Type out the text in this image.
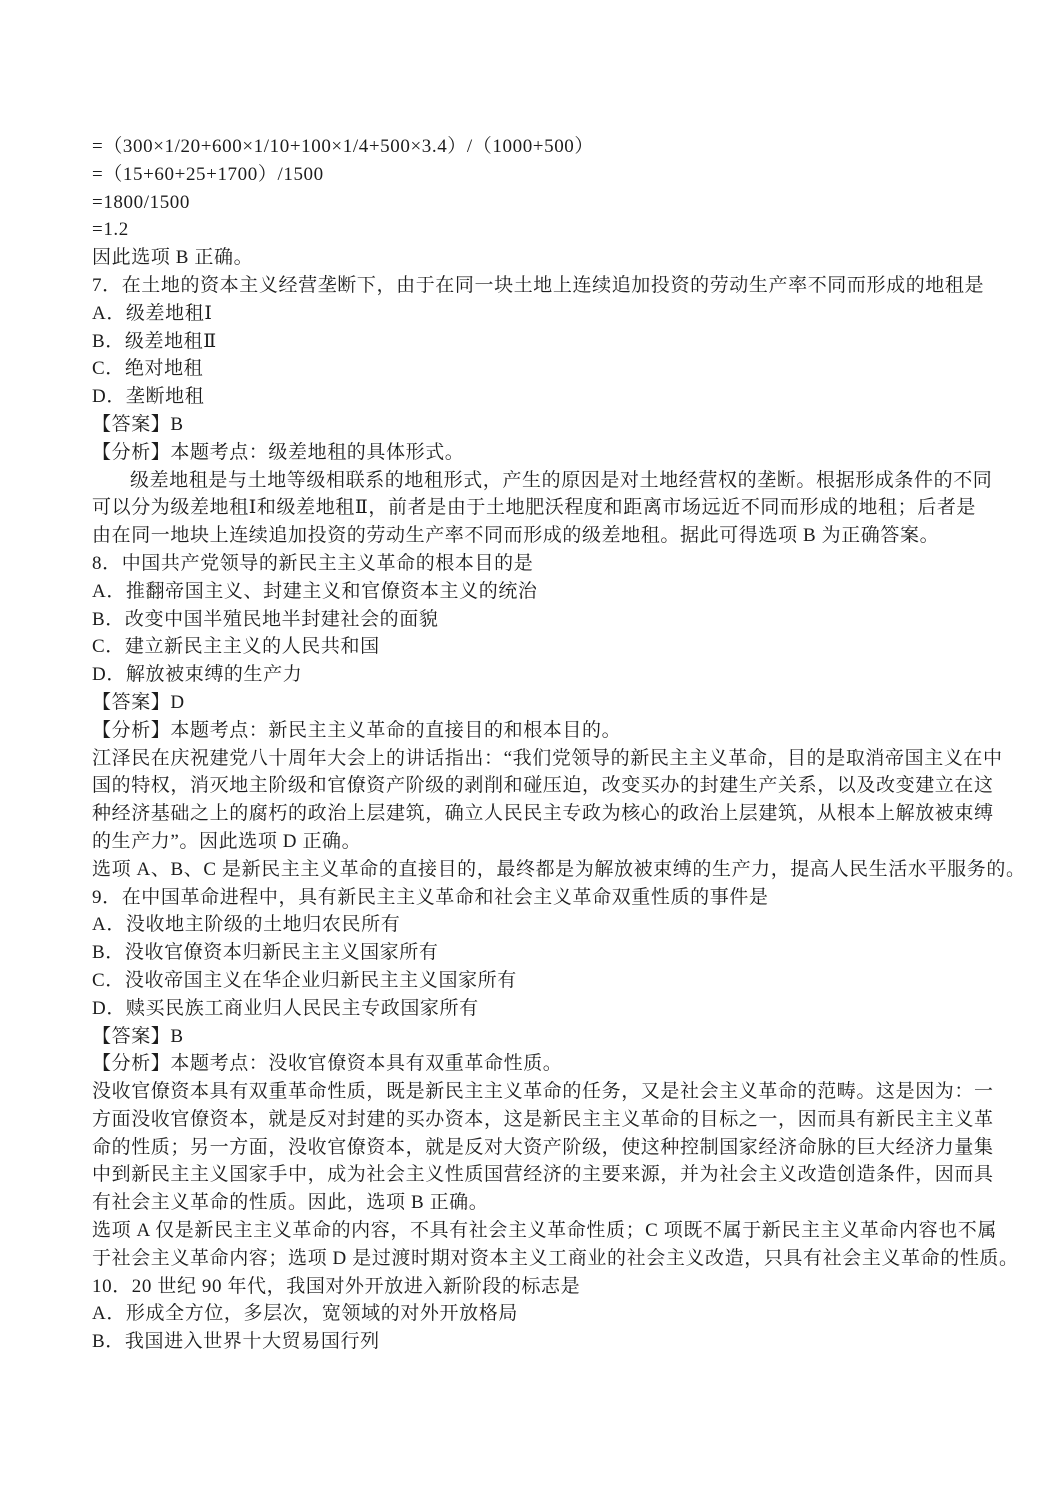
=（300×1/20+600×1/10+100×1/4+500×3.4）/（1000+500）
=（15+60+25+1700）/1500
=1800/1500
=1.2
因此选项 B 正确。
7．在土地的资本主义经营垄断下，由于在同一块土地上连续追加投资的劳动生产率不同而形成的地租是
A．级差地租Ⅰ
B．级差地租Ⅱ
C．绝对地租
D．垄断地租
【答案】B
【分析】本题考点：级差地租的具体形式。
级差地租是与土地等级相联系的地租形式，产生的原因是对土地经营权的垄断。根据形成条件的不同
可以分为级差地租Ⅰ和级差地租Ⅱ，前者是由于土地肥沃程度和距离市场远近不同而形成的地租；后者是
由在同一地块上连续追加投资的劳动生产率不同而形成的级差地租。据此可得选项 B 为正确答案。
8．中国共产党领导的新民主主义革命的根本目的是
A．推翻帝国主义、封建主义和官僚资本主义的统治
B．改变中国半殖民地半封建社会的面貌
C．建立新民主主义的人民共和国
D．解放被束缚的生产力
【答案】D
【分析】本题考点：新民主主义革命的直接目的和根本目的。
江泽民在庆祝建党八十周年大会上的讲话指出：“我们党领导的新民主主义革命，目的是取消帝国主义在中
国的特权，消灭地主阶级和官僚资产阶级的剥削和碰压迫，改变买办的封建生产关系，以及改变建立在这
种经济基础之上的腐朽的政治上层建筑，确立人民民主专政为核心的政治上层建筑，从根本上解放被束缚
的生产力”。因此选项 D 正确。
选项 A、B、C 是新民主主义革命的直接目的，最终都是为解放被束缚的生产力，提高人民生活水平服务的。
9．在中国革命进程中，具有新民主主义革命和社会主义革命双重性质的事件是
A．没收地主阶级的土地归农民所有
B．没收官僚资本归新民主主义国家所有
C．没收帝国主义在华企业归新民主主义国家所有
D．赎买民族工商业归人民民主专政国家所有
【答案】B
【分析】本题考点：没收官僚资本具有双重革命性质。
没收官僚资本具有双重革命性质，既是新民主主义革命的任务，又是社会主义革命的范畴。这是因为：一
方面没收官僚资本，就是反对封建的买办资本，这是新民主主义革命的目标之一，因而具有新民主主义革
命的性质；另一方面，没收官僚资本，就是反对大资产阶级，使这种控制国家经济命脉的巨大经济力量集
中到新民主主义国家手中，成为社会主义性质国营经济的主要来源，并为社会主义改造创造条件，因而具
有社会主义革命的性质。因此，选项 B 正确。
选项 A 仅是新民主主义革命的内容，不具有社会主义革命性质；C 项既不属于新民主主义革命内容也不属
于社会主义革命内容；选项 D 是过渡时期对资本主义工商业的社会主义改造，只具有社会主义革命的性质。
10．20 世纪 90 年代，我国对外开放进入新阶段的标志是
A．形成全方位，多层次，宽领域的对外开放格局
B．我国进入世界十大贸易国行列
